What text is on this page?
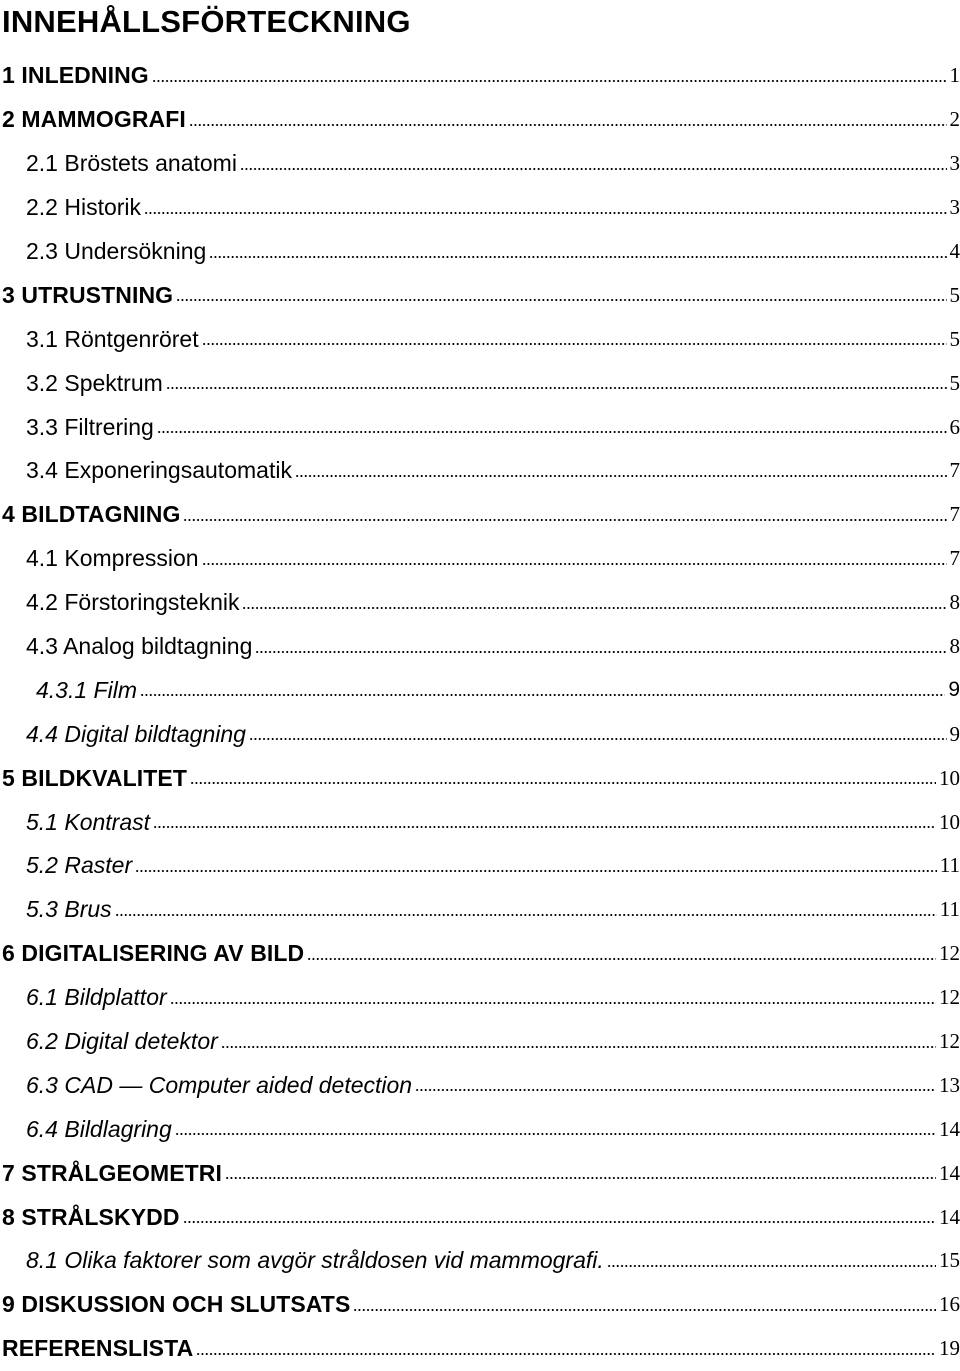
INNEHÅLLSFÖRTECKNING
1 INLEDNING	1
2 MAMMOGRAFI	2
2.1 Bröstets anatomi	3
2.2 Historik	3
2.3 Undersökning	4
3 UTRUSTNING	5
3.1 Röntgenröret	5
3.2 Spektrum	5
3.3 Filtrering	6
3.4 Exponeringsautomatik	7
4 BILDTAGNING	7
4.1 Kompression	7
4.2 Förstoringsteknik	8
4.3 Analog bildtagning	8
4.3.1 Film	9
4.4 Digital bildtagning	9
5 BILDKVALITET	10
5.1 Kontrast	10
5.2 Raster	11
5.3 Brus	11
6 DIGITALISERING AV BILD	12
6.1 Bildplattor	12
6.2 Digital detektor	12
6.3 CAD — Computer aided detection	13
6.4 Bildlagring	14
7 STRÅLGEOMETRI	14
8 STRÅLSKYDD	14
8.1 Olika faktorer som avgör stråldosen vid mammografi.	15
9 DISKUSSION OCH SLUTSATS	16
REFERENSLISTA	19
